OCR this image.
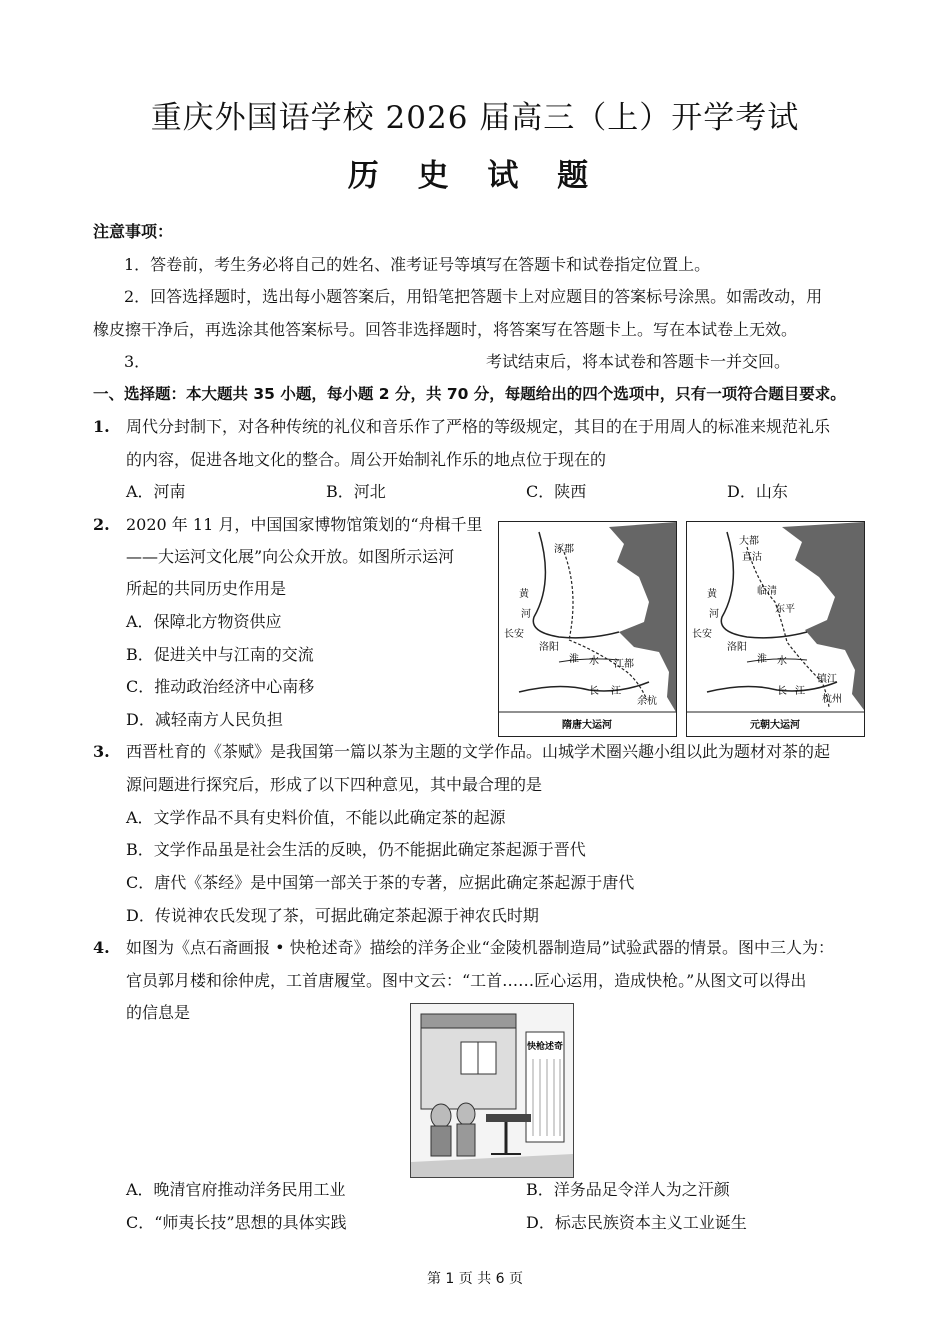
重庆外国语学校 2026 届高三（上）开学考试
历 史 试 题
注意事项：
1．答卷前，考生务必将自己的姓名、准考证号等填写在答题卡和试卷指定位置上。
2．回答选择题时，选出每小题答案后，用铅笔把答题卡上对应题目的答案标号涂黑。如需改动，用
橡皮擦干净后，再选涂其他答案标号。回答非选择题时，将答案写在答题卡上。写在本试卷上无效。
3．	考试结束后，将本试卷和答题卡一并交回。
一、选择题：本大题共 35 小题，每小题 2 分，共 70 分，每题给出的四个选项中，只有一项符合题目要求。
1. 周代分封制下，对各种传统的礼仪和音乐作了严格的等级规定，其目的在于用周人的标准来规范礼乐
的内容，促进各地文化的整合。周公开始制礼作乐的地点位于现在的
A．河南	B．河北	C．陕西	D．山东
2. 2020 年 11 月，中国国家博物馆策划的“舟楫千里
——大运河文化展”向公众开放。如图所示运河
所起的共同历史作用是
A．保障北方物资供应
B．促进关中与江南的交流
C．推动政治经济中心南移
D．减轻南方人民负担
涿郡
黄
河
长安
洛阳
淮 水 江都
长 江
余杭
隋唐大运河
大都
直沽
黄
河
临清
东平
长安
洛阳
淮 水
长 江
镇江
杭州
元朝大运河
3. 西晋杜育的《茶赋》是我国第一篇以茶为主题的文学作品。山城学术圈兴趣小组以此为题材对茶的起
源问题进行探究后，形成了以下四种意见，其中最合理的是
A．文学作品不具有史料价值，不能以此确定茶的起源
B．文学作品虽是社会生活的反映，仍不能据此确定茶起源于晋代
C．唐代《茶经》是中国第一部关于茶的专著，应据此确定茶起源于唐代
D．传说神农氏发现了茶，可据此确定茶起源于神农氏时期
4. 如图为《点石斋画报 • 快枪述奇》描绘的洋务企业“金陵机器制造局”试验武器的情景。图中三人为：
官员郭月楼和徐仲虎，工首唐履堂。图中文云：“工首……匠心运用，造成快枪。”从图文可以得出
的信息是
快枪述奇
A．晚清官府推动洋务民用工业	B．洋务品足令洋人为之汗颜
C．“师夷长技”思想的具体实践	D．标志民族资本主义工业诞生
第 1 页 共 6 页
